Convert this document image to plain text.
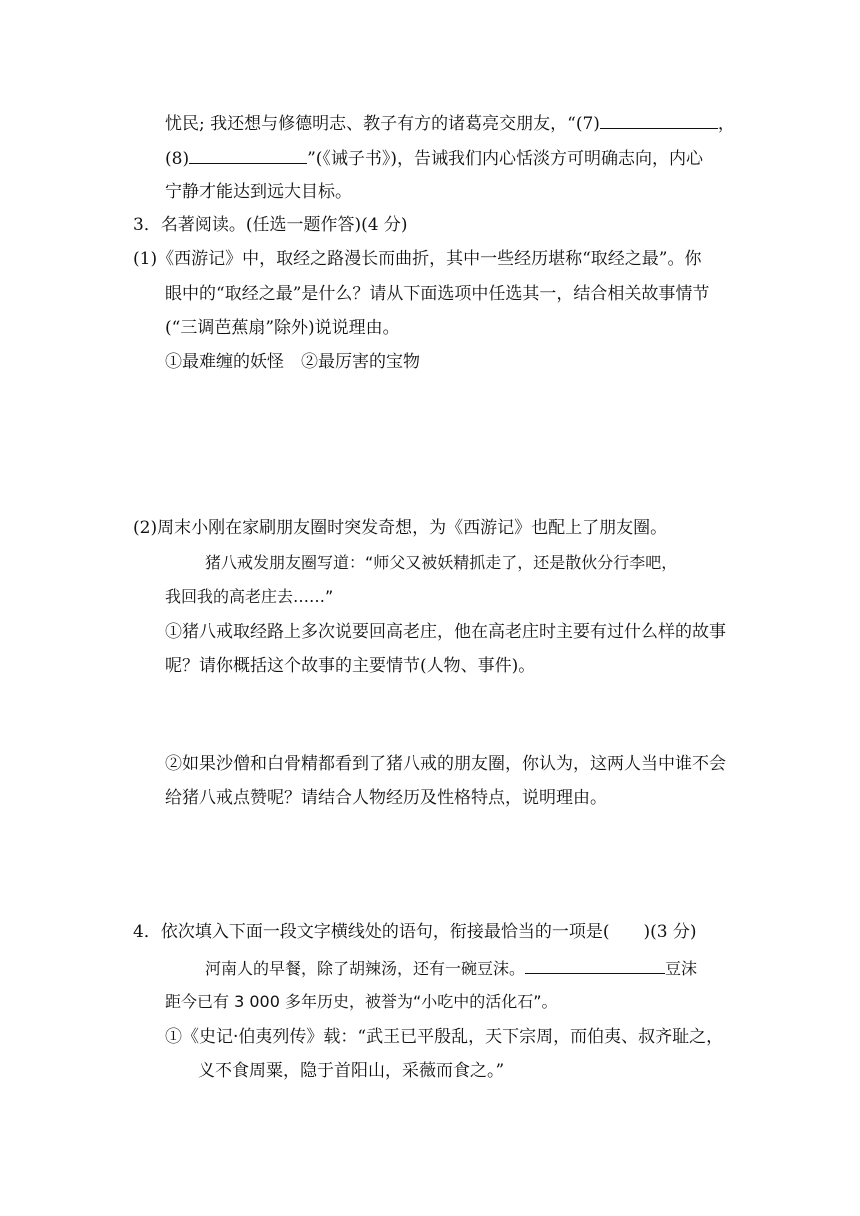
忧民; 我还想与修德明志、教子有方的诸葛亮交朋友，“(7)	，
(8)	”(《诫子书》)，告诫我们内心恬淡方可明确志向，内心
宁静才能达到远大目标。
3．名著阅读。(任选一题作答)(4 分)
(1)《西游记》中，取经之路漫长而曲折，其中一些经历堪称“取经之最”。你
眼中的“取经之最”是什么？请从下面选项中任选其一，结合相关故事情节
(“三调芭蕉扇”除外)说说理由。
①最难缠的妖怪　②最厉害的宝物
(2)周末小刚在家刷朋友圈时突发奇想，为《西游记》也配上了朋友圈。
猪八戒发朋友圈写道：“师父又被妖精抓走了，还是散伙分行李吧，
我回我的高老庄去……”
①猪八戒取经路上多次说要回高老庄，他在高老庄时主要有过什么样的故事
呢？请你概括这个故事的主要情节(人物、事件)。
②如果沙僧和白骨精都看到了猪八戒的朋友圈，你认为，这两人当中谁不会
给猪八戒点赞呢？请结合人物经历及性格特点，说明理由。
4．依次填入下面一段文字横线处的语句，衔接最恰当的一项是(　　)(3 分)
河南人的早餐，除了胡辣汤，还有一碗豆沫。	豆沫
距今已有 3 000 多年历史，被誉为“小吃中的活化石”。
①《史记·伯夷列传》载：“武王已平殷乱，天下宗周，而伯夷、叔齐耻之，
义不食周粟，隐于首阳山，采薇而食之。”
